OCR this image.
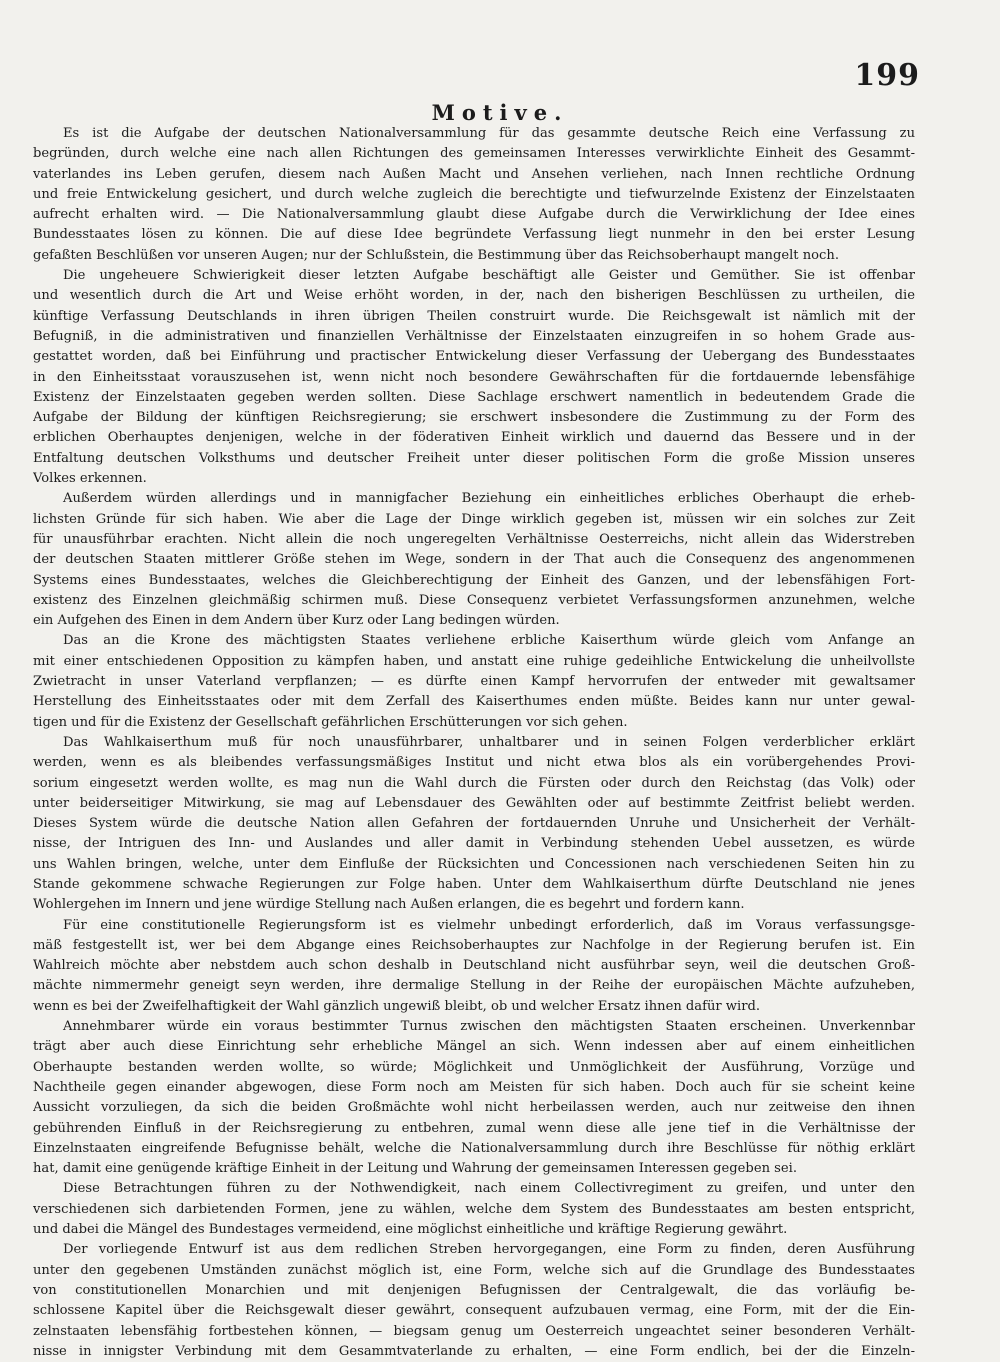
199
Motive.
Es ist die Aufgabe der deutschen Nationalversammlung für das gesammte deutsche Reich eine Verfassung zu
begründen, durch welche eine nach allen Richtungen des gemeinsamen Interesses verwirklichte Einheit des Gesammt-
vaterlandes ins Leben gerufen, diesem nach Außen Macht und Ansehen verliehen, nach Innen rechtliche Ordnung
und freie Entwickelung gesichert, und durch welche zugleich die berechtigte und tiefwurzelnde Existenz der Einzelstaaten
aufrecht erhalten wird. — Die Nationalversammlung glaubt diese Aufgabe durch die Verwirklichung der Idee eines
Bundesstaates lösen zu können. Die auf diese Idee begründete Verfassung liegt nunmehr in den bei erster Lesung
gefaßten Beschlüßen vor unseren Augen; nur der Schlußstein, die Bestimmung über das Reichsoberhaupt mangelt noch.
Die ungeheuere Schwierigkeit dieser letzten Aufgabe beschäftigt alle Geister und Gemüther. Sie ist offenbar
und wesentlich durch die Art und Weise erhöht worden, in der, nach den bisherigen Beschlüssen zu urtheilen, die
künftige Verfassung Deutschlands in ihren übrigen Theilen construirt wurde. Die Reichsgewalt ist nämlich mit der
Befugniß, in die administrativen und finanziellen Verhältnisse der Einzelstaaten einzugreifen in so hohem Grade aus-
gestattet worden, daß bei Einführung und practischer Entwickelung dieser Verfassung der Uebergang des Bundesstaates
in den Einheitsstaat vorauszusehen ist, wenn nicht noch besondere Gewährschaften für die fortdauernde lebensfähige
Existenz der Einzelstaaten gegeben werden sollten. Diese Sachlage erschwert namentlich in bedeutendem Grade die
Aufgabe der Bildung der künftigen Reichsregierung; sie erschwert insbesondere die Zustimmung zu der Form des
erblichen Oberhauptes denjenigen, welche in der föderativen Einheit wirklich und dauernd das Bessere und in der
Entfaltung deutschen Volksthums und deutscher Freiheit unter dieser politischen Form die große Mission unseres
Volkes erkennen.
Außerdem würden allerdings und in mannigfacher Beziehung ein einheitliches erbliches Oberhaupt die erheb-
lichsten Gründe für sich haben. Wie aber die Lage der Dinge wirklich gegeben ist, müssen wir ein solches zur Zeit
für unausführbar erachten. Nicht allein die noch ungeregelten Verhältnisse Oesterreichs, nicht allein das Widerstreben
der deutschen Staaten mittlerer Größe stehen im Wege, sondern in der That auch die Consequenz des angenommenen
Systems eines Bundesstaates, welches die Gleichberechtigung der Einheit des Ganzen, und der lebensfähigen Fort-
existenz des Einzelnen gleichmäßig schirmen muß. Diese Consequenz verbietet Verfassungsformen anzunehmen, welche
ein Aufgehen des Einen in dem Andern über Kurz oder Lang bedingen würden.
Das an die Krone des mächtigsten Staates verliehene erbliche Kaiserthum würde gleich vom Anfange an
mit einer entschiedenen Opposition zu kämpfen haben, und anstatt eine ruhige gedeihliche Entwickelung die unheilvollste
Zwietracht in unser Vaterland verpflanzen; — es dürfte einen Kampf hervorrufen der entweder mit gewaltsamer
Herstellung des Einheitsstaates oder mit dem Zerfall des Kaiserthumes enden müßte. Beides kann nur unter gewal-
tigen und für die Existenz der Gesellschaft gefährlichen Erschütterungen vor sich gehen.
Das Wahlkaiserthum muß für noch unausführbarer, unhaltbarer und in seinen Folgen verderblicher erklärt
werden, wenn es als bleibendes verfassungsmäßiges Institut und nicht etwa blos als ein vorübergehendes Provi-
sorium eingesetzt werden wollte, es mag nun die Wahl durch die Fürsten oder durch den Reichstag (das Volk) oder
unter beiderseitiger Mitwirkung, sie mag auf Lebensdauer des Gewählten oder auf bestimmte Zeitfrist beliebt werden.
Dieses System würde die deutsche Nation allen Gefahren der fortdauernden Unruhe und Unsicherheit der Verhält-
nisse, der Intriguen des Inn- und Auslandes und aller damit in Verbindung stehenden Uebel aussetzen, es würde
uns Wahlen bringen, welche, unter dem Einfluße der Rücksichten und Concessionen nach verschiedenen Seiten hin zu
Stande gekommene schwache Regierungen zur Folge haben. Unter dem Wahlkaiserthum dürfte Deutschland nie jenes
Wohlergehen im Innern und jene würdige Stellung nach Außen erlangen, die es begehrt und fordern kann.
Für eine constitutionelle Regierungsform ist es vielmehr unbedingt erforderlich, daß im Voraus verfassungsge-
mäß festgestellt ist, wer bei dem Abgange eines Reichsoberhauptes zur Nachfolge in der Regierung berufen ist. Ein
Wahlreich möchte aber nebstdem auch schon deshalb in Deutschland nicht ausführbar seyn, weil die deutschen Groß-
mächte nimmermehr geneigt seyn werden, ihre dermalige Stellung in der Reihe der europäischen Mächte aufzuheben,
wenn es bei der Zweifelhaftigkeit der Wahl gänzlich ungewiß bleibt, ob und welcher Ersatz ihnen dafür wird.
Annehmbarer würde ein voraus bestimmter Turnus zwischen den mächtigsten Staaten erscheinen. Unverkennbar
trägt aber auch diese Einrichtung sehr erhebliche Mängel an sich. Wenn indessen aber auf einem einheitlichen
Oberhaupte bestanden werden wollte, so würde; Möglichkeit und Unmöglichkeit der Ausführung, Vorzüge und
Nachtheile gegen einander abgewogen, diese Form noch am Meisten für sich haben. Doch auch für sie scheint keine
Aussicht vorzuliegen, da sich die beiden Großmächte wohl nicht herbeilassen werden, auch nur zeitweise den ihnen
gebührenden Einfluß in der Reichsregierung zu entbehren, zumal wenn diese alle jene tief in die Verhältnisse der
Einzelnstaaten eingreifende Befugnisse behält, welche die Nationalversammlung durch ihre Beschlüsse für nöthig erklärt
hat, damit eine genügende kräftige Einheit in der Leitung und Wahrung der gemeinsamen Interessen gegeben sei.
Diese Betrachtungen führen zu der Nothwendigkeit, nach einem Collectivregiment zu greifen, und unter den
verschiedenen sich darbietenden Formen, jene zu wählen, welche dem System des Bundesstaates am besten entspricht,
und dabei die Mängel des Bundestages vermeidend, eine möglichst einheitliche und kräftige Regierung gewährt.
Der vorliegende Entwurf ist aus dem redlichen Streben hervorgegangen, eine Form zu finden, deren Ausführung
unter den gegebenen Umständen zunächst möglich ist, eine Form, welche sich auf die Grundlage des Bundesstaates
von constitutionellen Monarchien und mit denjenigen Befugnissen der Centralgewalt, die das vorläufig be-
schlossene Kapitel über die Reichsgewalt dieser gewährt, consequent aufzubauen vermag, eine Form, mit der die Ein-
zelnstaaten lebensfähig fortbestehen können, — biegsam genug um Oesterreich ungeachtet seiner besonderen Verhält-
nisse in innigster Verbindung mit dem Gesammtvaterlande zu erhalten, — eine Form endlich, bei der die Einzeln-
